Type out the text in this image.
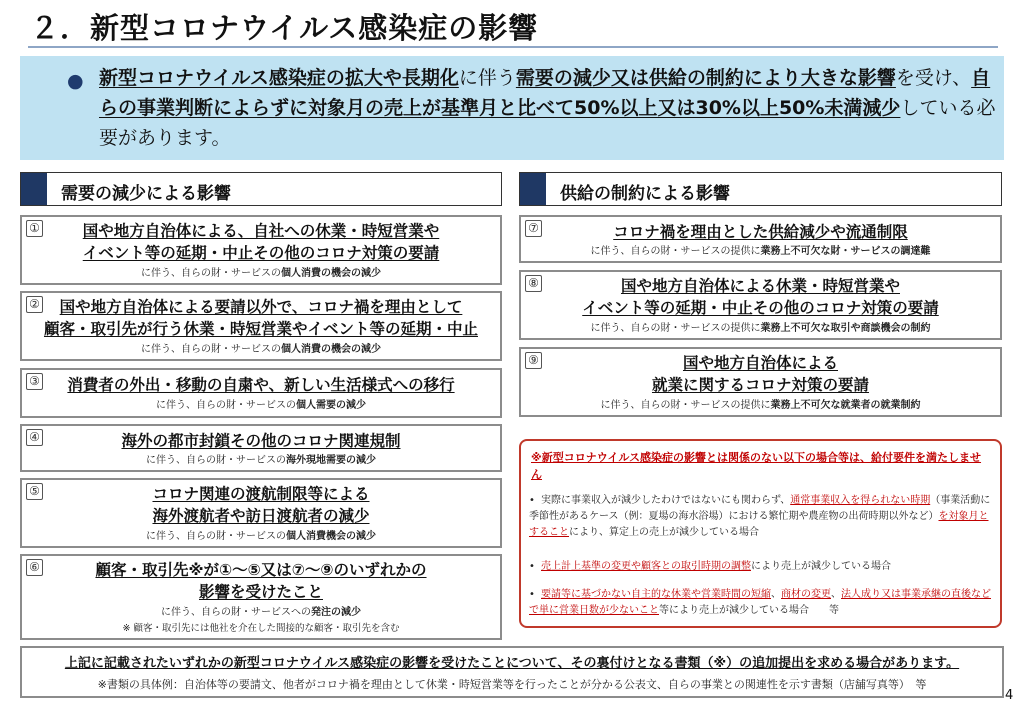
２．新型コロナウイルス感染症の影響
● 新型コロナウイルス感染症の拡大や長期化に伴う需要の減少又は供給の制約により大きな影響を受け、自らの事業判断によらずに対象月の売上が基準月と比べて50%以上又は30%以上50%未満減少している必要があります。
需要の減少による影響
①	国や地方自治体による、自社への休業・時短営業や
イベント等の延期・中止その他のコロナ対策の要請
に伴う、自らの財・サービスの個人消費の機会の減少
②	国や地方自治体による要請以外で、コロナ禍を理由として
顧客・取引先が行う休業・時短営業やイベント等の延期・中止
に伴う、自らの財・サービスの個人消費の機会の減少
③	消費者の外出・移動の自粛や、新しい生活様式への移行
に伴う、自らの財・サービスの個人需要の減少
④	海外の都市封鎖その他のコロナ関連規制
に伴う、自らの財・サービスの海外現地需要の減少
⑤	コロナ関連の渡航制限等による
海外渡航者や訪日渡航者の減少
に伴う、自らの財・サービスの個人消費機会の減少
⑥	顧客・取引先※が①～⑤又は⑦～⑨のいずれかの
影響を受けたこと
に伴う、自らの財・サービスへの発注の減少
※ 顧客・取引先には他社を介在した間接的な顧客・取引先を含む
供給の制約による影響
⑦	コロナ禍を理由とした供給減少や流通制限
に伴う、自らの財・サービスの提供に業務上不可欠な財・サービスの調達難
⑧	国や地方自治体による休業・時短営業や
イベント等の延期・中止その他のコロナ対策の要請
に伴う、自らの財・サービスの提供に業務上不可欠な取引や商談機会の制約
⑨	国や地方自治体による
就業に関するコロナ対策の要請
に伴う、自らの財・サービスの提供に業務上不可欠な就業者の就業制約
※新型コロナウイルス感染症の影響とは関係のない以下の場合等は、給付要件を満たしません
• 実際に事業収入が減少したわけではないにも関わらず、通常事業収入を得られない時期（事業活動に季節性があるケース（例：夏場の海水浴場）における繁忙期や農産物の出荷時期以外など）を対象月とすることにより、算定上の売上が減少している場合
• 売上計上基準の変更や顧客との取引時期の調整により売上が減少している場合
• 要請等に基づかない自主的な休業や営業時間の短縮、商材の変更、法人成り又は事業承継の直後などで単に営業日数が少ないこと等により売上が減少している場合　　等
上記に記載されたいずれかの新型コロナウイルス感染症の影響を受けたことについて、その裏付けとなる書類（※）の追加提出を求める場合があります。
※書類の具体例：自治体等の要請文、他者がコロナ禍を理由として休業・時短営業等を行ったことが分かる公表文、自らの事業との関連性を示す書類（店舗写真等）　等
4
